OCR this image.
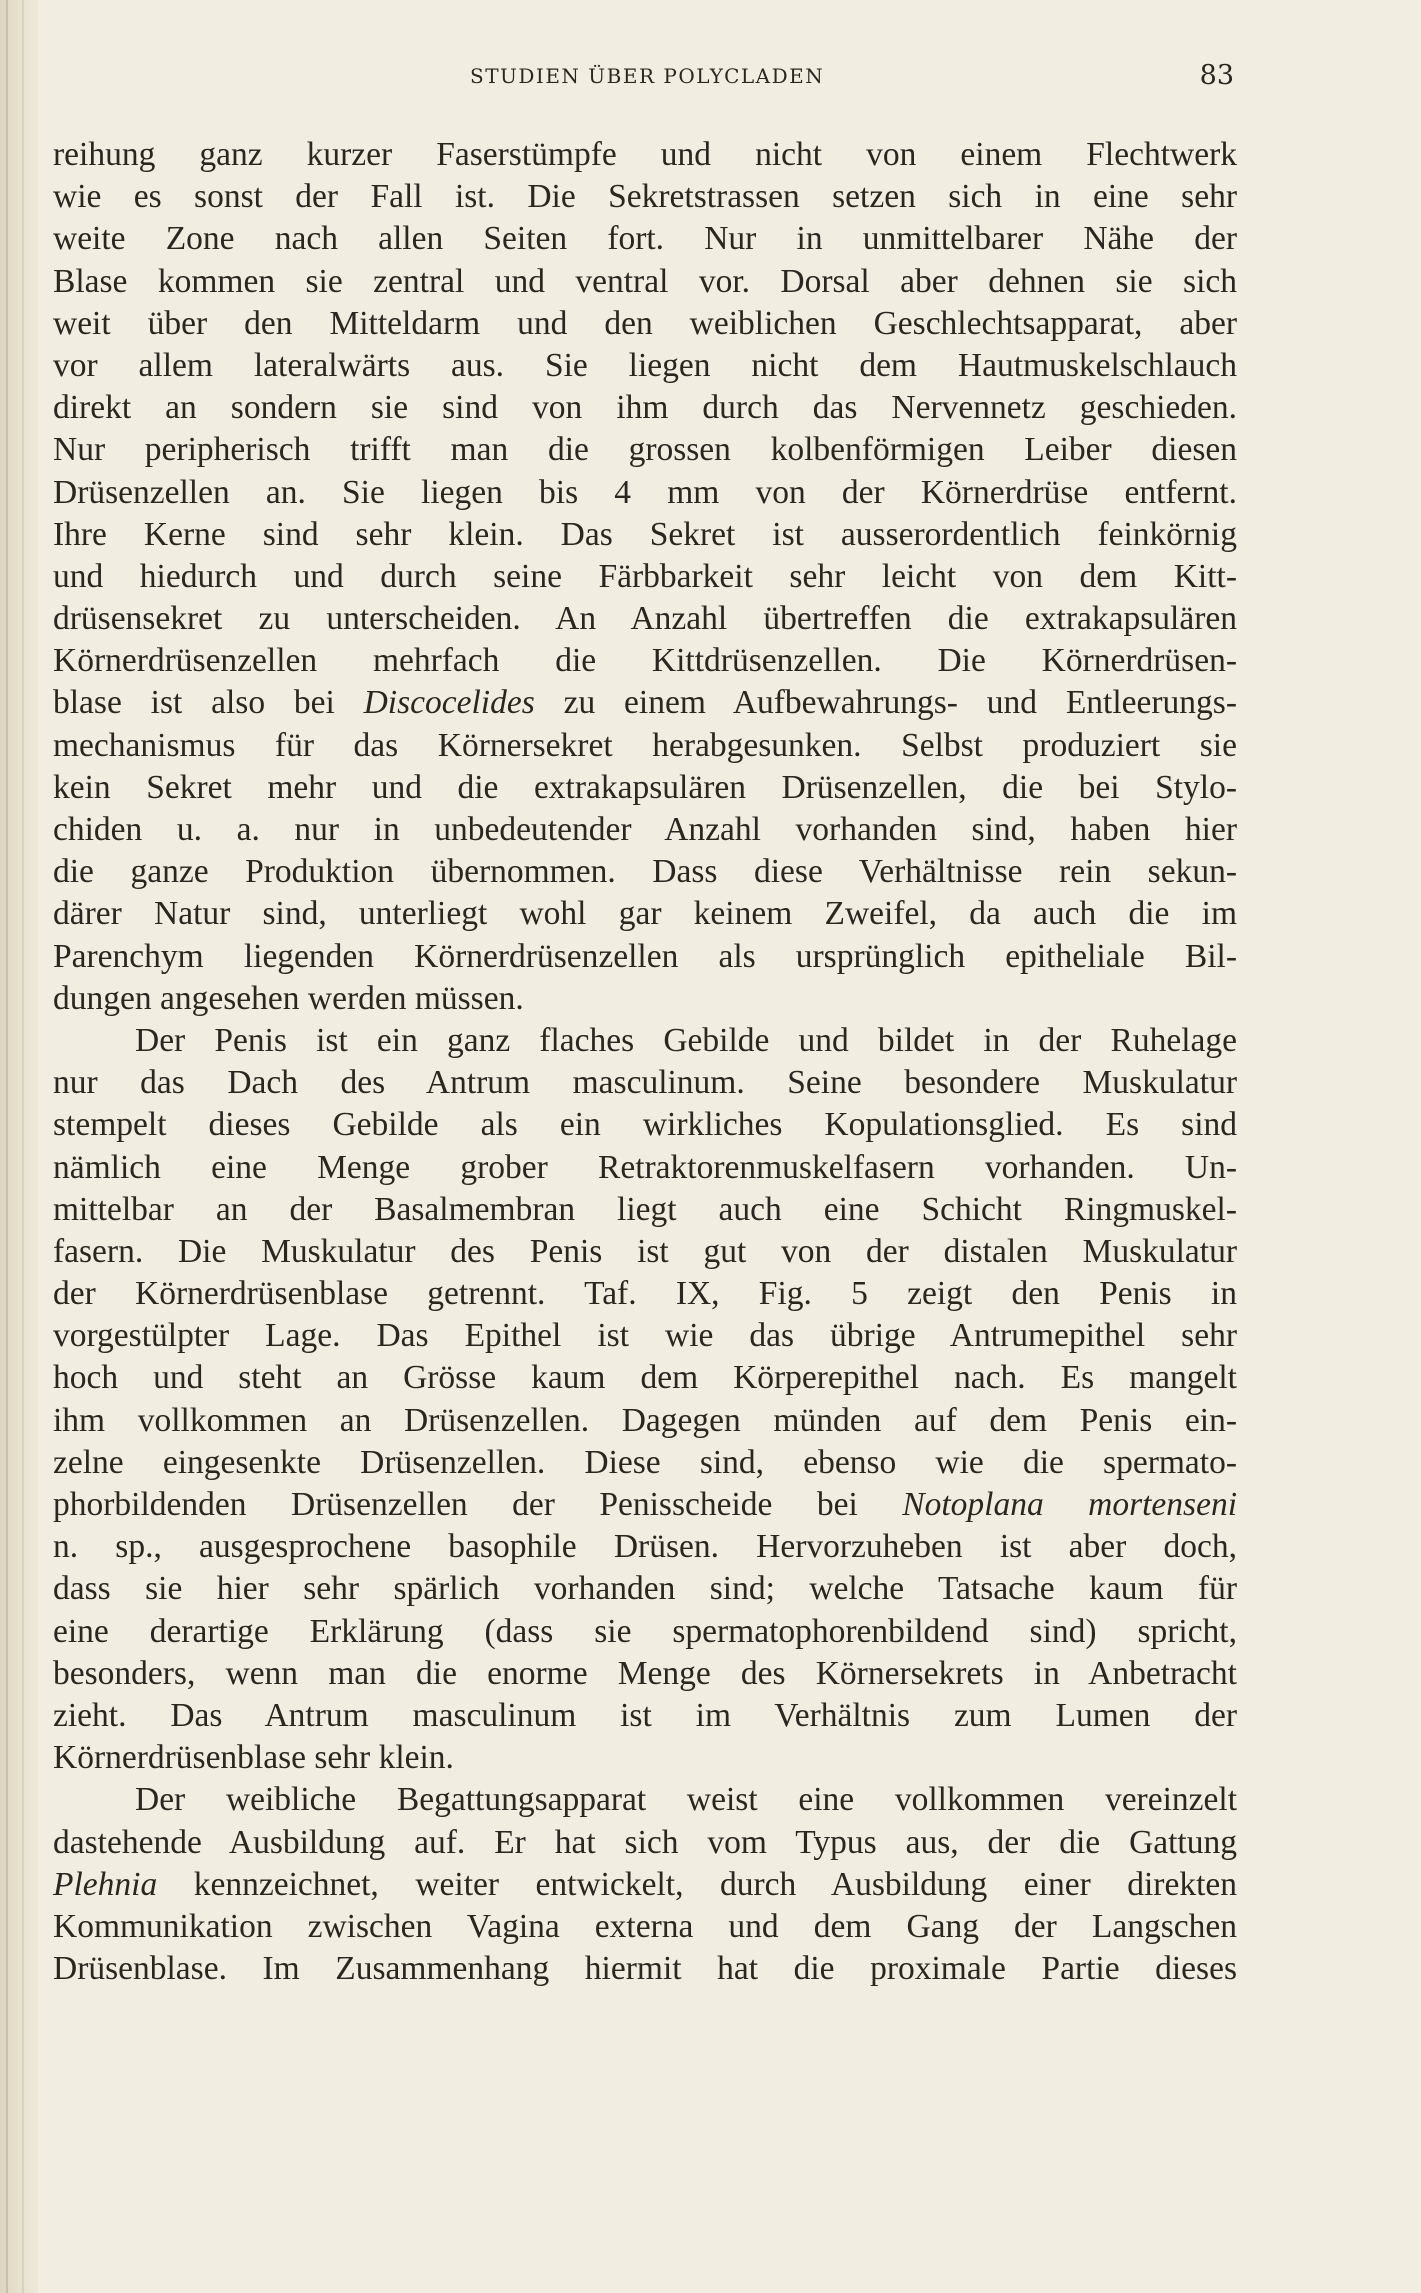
STUDIEN ÜBER POLYCLADEN	83
reihung ganz kurzer Faserstümpfe und nicht von einem Flechtwerk
wie es sonst der Fall ist. Die Sekretstrassen setzen sich in eine sehr
weite Zone nach allen Seiten fort. Nur in unmittelbarer Nähe der
Blase kommen sie zentral und ventral vor. Dorsal aber dehnen sie sich
weit über den Mitteldarm und den weiblichen Geschlechtsapparat, aber
vor allem lateralwärts aus. Sie liegen nicht dem Hautmuskelschlauch
direkt an sondern sie sind von ihm durch das Nervennetz geschieden.
Nur peripherisch trifft man die grossen kolbenförmigen Leiber diesen
Drüsenzellen an. Sie liegen bis 4 mm von der Körnerdrüse entfernt.
Ihre Kerne sind sehr klein. Das Sekret ist ausserordentlich feinkörnig
und hiedurch und durch seine Färbbarkeit sehr leicht von dem Kitt-
drüsensekret zu unterscheiden. An Anzahl übertreffen die extrakapsulären
Körnerdrüsenzellen mehrfach die Kittdrüsenzellen. Die Körnerdrüsen-
blase ist also bei Discocelides zu einem Aufbewahrungs- und Entleerungs-
mechanismus für das Körnersekret herabgesunken. Selbst produziert sie
kein Sekret mehr und die extrakapsulären Drüsenzellen, die bei Stylo-
chiden u. a. nur in unbedeutender Anzahl vorhanden sind, haben hier
die ganze Produktion übernommen. Dass diese Verhältnisse rein sekun-
därer Natur sind, unterliegt wohl gar keinem Zweifel, da auch die im
Parenchym liegenden Körnerdrüsenzellen als ursprünglich epitheliale Bil-
dungen angesehen werden müssen.
Der Penis ist ein ganz flaches Gebilde und bildet in der Ruhelage
nur das Dach des Antrum masculinum. Seine besondere Muskulatur
stempelt dieses Gebilde als ein wirkliches Kopulationsglied. Es sind
nämlich eine Menge grober Retraktorenmuskelfasern vorhanden. Un-
mittelbar an der Basalmembran liegt auch eine Schicht Ringmuskel-
fasern. Die Muskulatur des Penis ist gut von der distalen Muskulatur
der Körnerdrüsenblase getrennt. Taf. IX, Fig. 5 zeigt den Penis in
vorgestülpter Lage. Das Epithel ist wie das übrige Antrumepithel sehr
hoch und steht an Grösse kaum dem Körperepithel nach. Es mangelt
ihm vollkommen an Drüsenzellen. Dagegen münden auf dem Penis ein-
zelne eingesenkte Drüsenzellen. Diese sind, ebenso wie die spermato-
phorbildenden Drüsenzellen der Penisscheide bei Notoplana mortenseni
n. sp., ausgesprochene basophile Drüsen. Hervorzuheben ist aber doch,
dass sie hier sehr spärlich vorhanden sind; welche Tatsache kaum für
eine derartige Erklärung (dass sie spermatophorenbildend sind) spricht,
besonders, wenn man die enorme Menge des Körnersekrets in Anbetracht
zieht. Das Antrum masculinum ist im Verhältnis zum Lumen der
Körnerdrüsenblase sehr klein.
Der weibliche Begattungsapparat weist eine vollkommen vereinzelt
dastehende Ausbildung auf. Er hat sich vom Typus aus, der die Gattung
Plehnia kennzeichnet, weiter entwickelt, durch Ausbildung einer direkten
Kommunikation zwischen Vagina externa und dem Gang der Langschen
Drüsenblase. Im Zusammenhang hiermit hat die proximale Partie dieses
